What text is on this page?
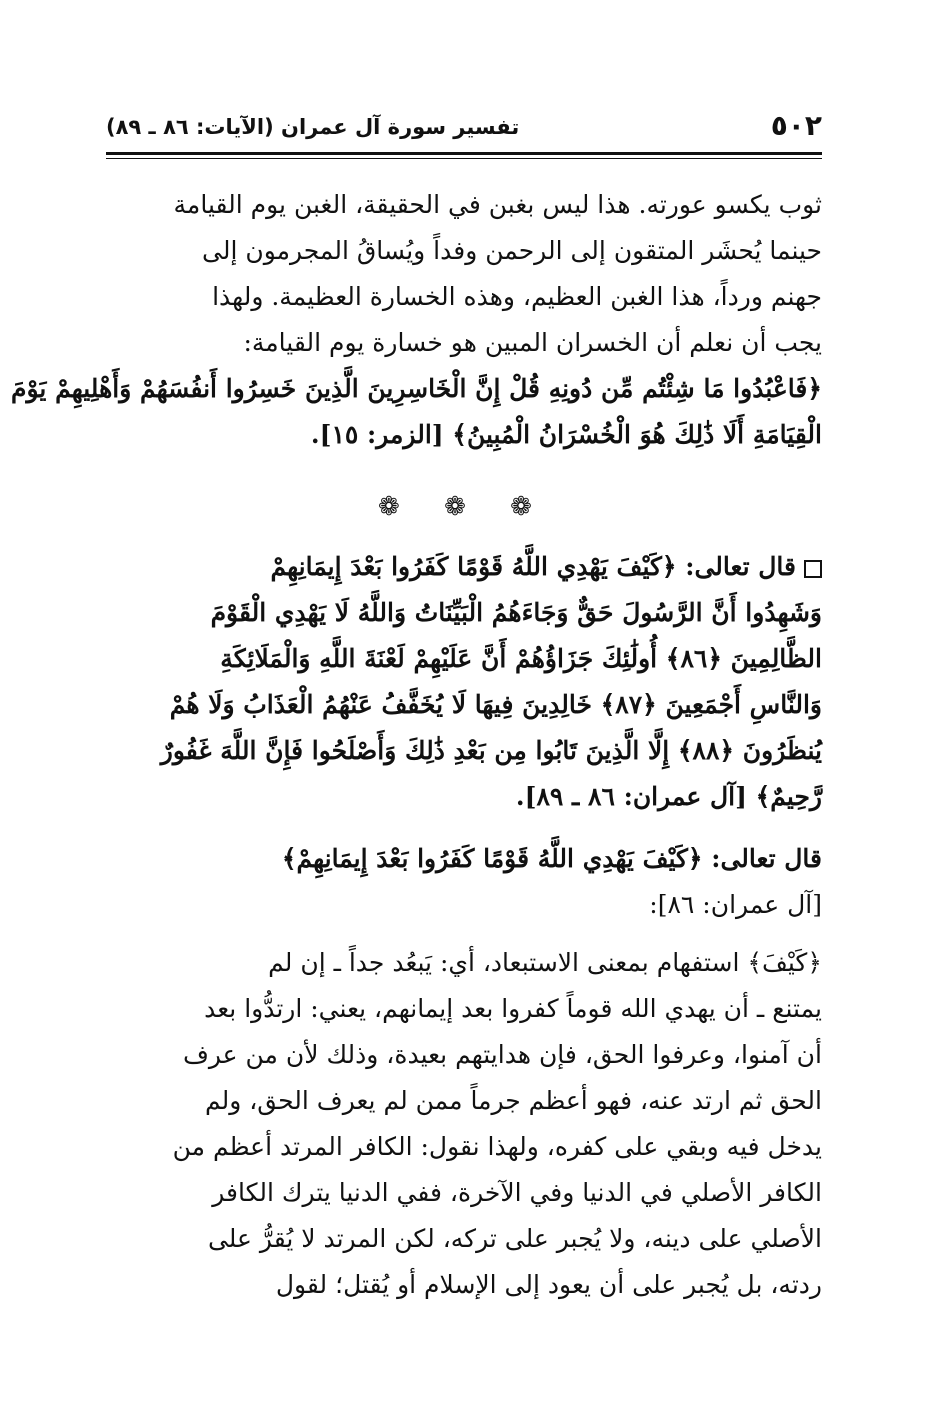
٥٠٢
تفسير سورة آل عمران (الآيات: ٨٦ ـ ٨٩)
ثوب يكسو عورته. هذا ليس بغبن في الحقيقة، الغبن يوم القيامة
حينما يُحشَر المتقون إلى الرحمن وفداً ويُساقُ المجرمون إلى
جهنم ورداً، هذا الغبن العظيم، وهذه الخسارة العظيمة. ولهذا
يجب أن نعلم أن الخسران المبين هو خسارة يوم القيامة:
﴿فَاعْبُدُوا مَا شِئْتُم مِّن دُونِهِ قُلْ إِنَّ الْخَاسِرِينَ الَّذِينَ خَسِرُوا أَنفُسَهُمْ وَأَهْلِيهِمْ يَوْمَ
الْقِيَامَةِ أَلَا ذَٰلِكَ هُوَ الْخُسْرَانُ الْمُبِينُ﴾ [الزمر: ١٥].
❁ ❁ ❁
قال تعالى: ﴿كَيْفَ يَهْدِي اللَّهُ قَوْمًا كَفَرُوا بَعْدَ إِيمَانِهِمْ
وَشَهِدُوا أَنَّ الرَّسُولَ حَقٌّ وَجَاءَهُمُ الْبَيِّنَاتُ وَاللَّهُ لَا يَهْدِي الْقَوْمَ
الظَّالِمِينَ ﴿٨٦﴾ أُولَٰئِكَ جَزَاؤُهُمْ أَنَّ عَلَيْهِمْ لَعْنَةَ اللَّهِ وَالْمَلَائِكَةِ
وَالنَّاسِ أَجْمَعِينَ ﴿٨٧﴾ خَالِدِينَ فِيهَا لَا يُخَفَّفُ عَنْهُمُ الْعَذَابُ وَلَا هُمْ
يُنظَرُونَ ﴿٨٨﴾ إِلَّا الَّذِينَ تَابُوا مِن بَعْدِ ذَٰلِكَ وَأَصْلَحُوا فَإِنَّ اللَّهَ غَفُورٌ
رَّحِيمٌ﴾ [آل عمران: ٨٦ ـ ٨٩].
قال تعالى: ﴿كَيْفَ يَهْدِي اللَّهُ قَوْمًا كَفَرُوا بَعْدَ إِيمَانِهِمْ﴾
[آل عمران: ٨٦]:
﴿كَيْفَ﴾ استفهام بمعنى الاستبعاد، أي: يَبعُد جداً ـ إن لم
يمتنع ـ أن يهدي الله قوماً كفروا بعد إيمانهم، يعني: ارتدُّوا بعد
أن آمنوا، وعرفوا الحق، فإن هدايتهم بعيدة، وذلك لأن من عرف
الحق ثم ارتد عنه، فهو أعظم جرماً ممن لم يعرف الحق، ولم
يدخل فيه وبقي على كفره، ولهذا نقول: الكافر المرتد أعظم من
الكافر الأصلي في الدنيا وفي الآخرة، ففي الدنيا يترك الكافر
الأصلي على دينه، ولا يُجبر على تركه، لكن المرتد لا يُقرُّ على
ردته، بل يُجبر على أن يعود إلى الإسلام أو يُقتل؛ لقول
